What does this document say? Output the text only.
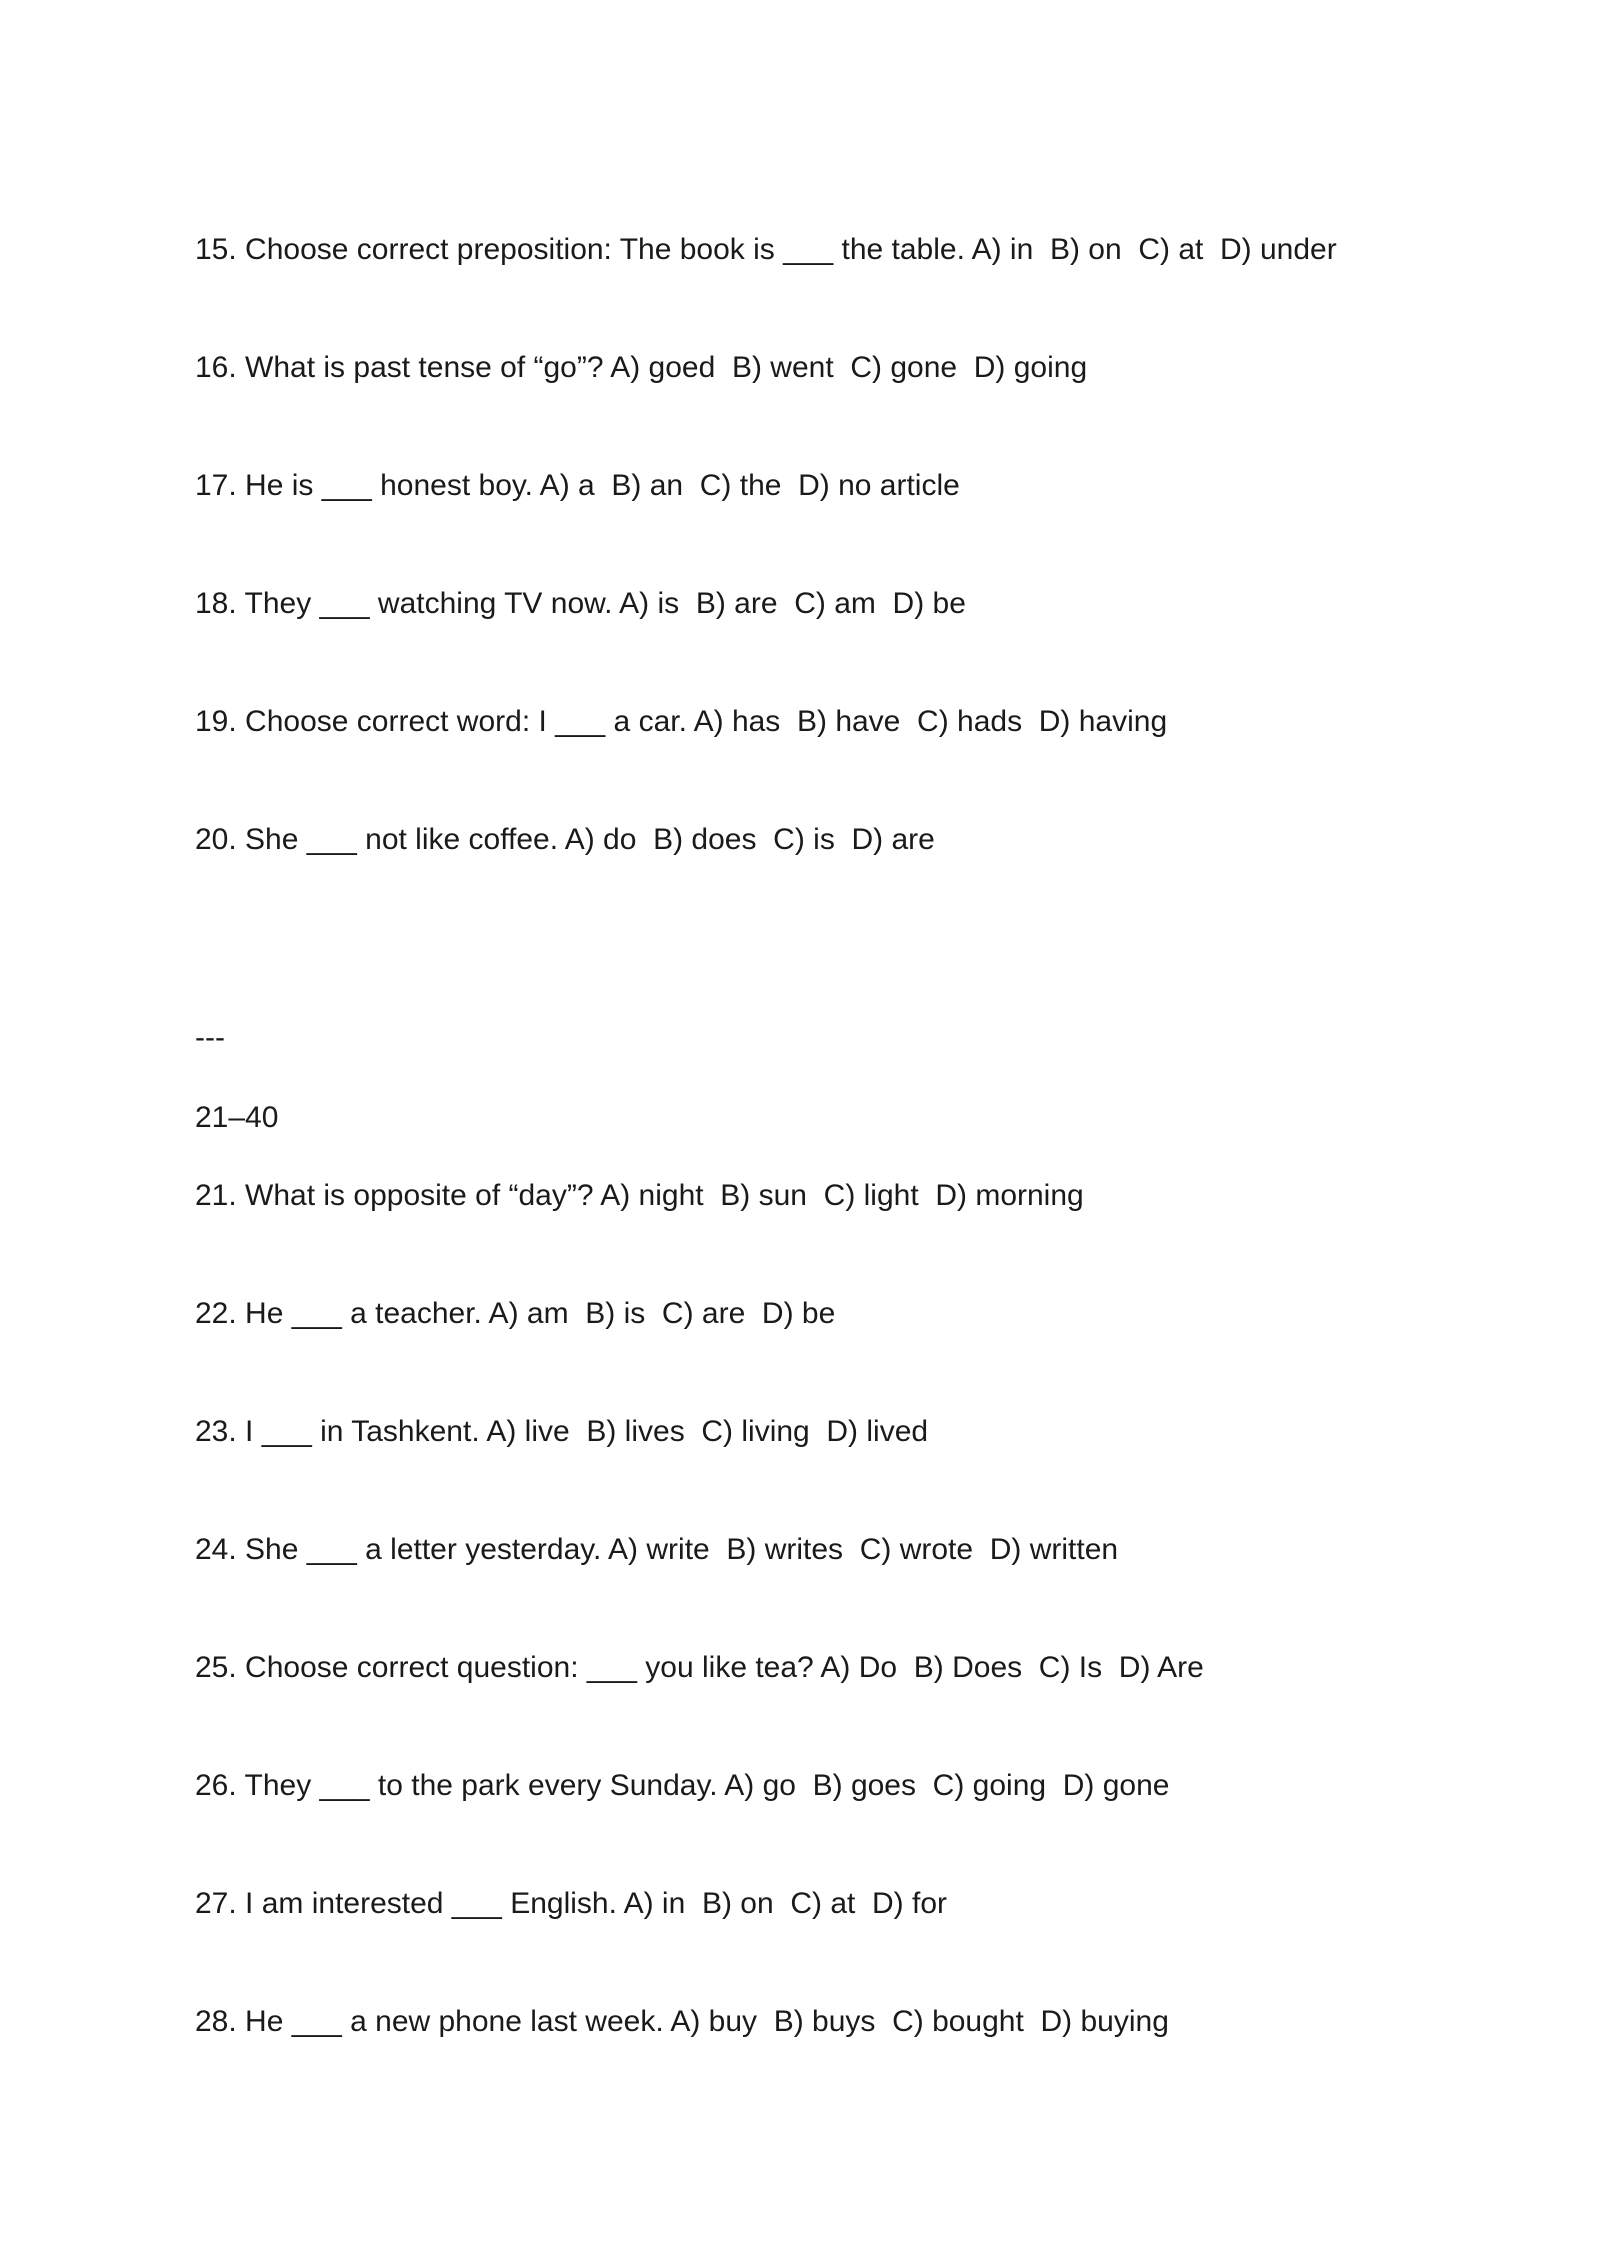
15. Choose correct preposition: The book is ___ the table. A) in  B) on  C) at  D) under

16. What is past tense of “go”? A) goed  B) went  C) gone  D) going

17. He is ___ honest boy. A) a  B) an  C) the  D) no article

18. They ___ watching TV now. A) is  B) are  C) am  D) be

19. Choose correct word: I ___ a car. A) has  B) have  C) hads  D) having

20. She ___ not like coffee. A) do  B) does  C) is  D) are

---

21–40

21. What is opposite of “day”? A) night  B) sun  C) light  D) morning

22. He ___ a teacher. A) am  B) is  C) are  D) be

23. I ___ in Tashkent. A) live  B) lives  C) living  D) lived

24. She ___ a letter yesterday. A) write  B) writes  C) wrote  D) written

25. Choose correct question: ___ you like tea? A) Do  B) Does  C) Is  D) Are

26. They ___ to the park every Sunday. A) go  B) goes  C) going  D) gone

27. I am interested ___ English. A) in  B) on  C) at  D) for

28. He ___ a new phone last week. A) buy  B) buys  C) bought  D) buying
